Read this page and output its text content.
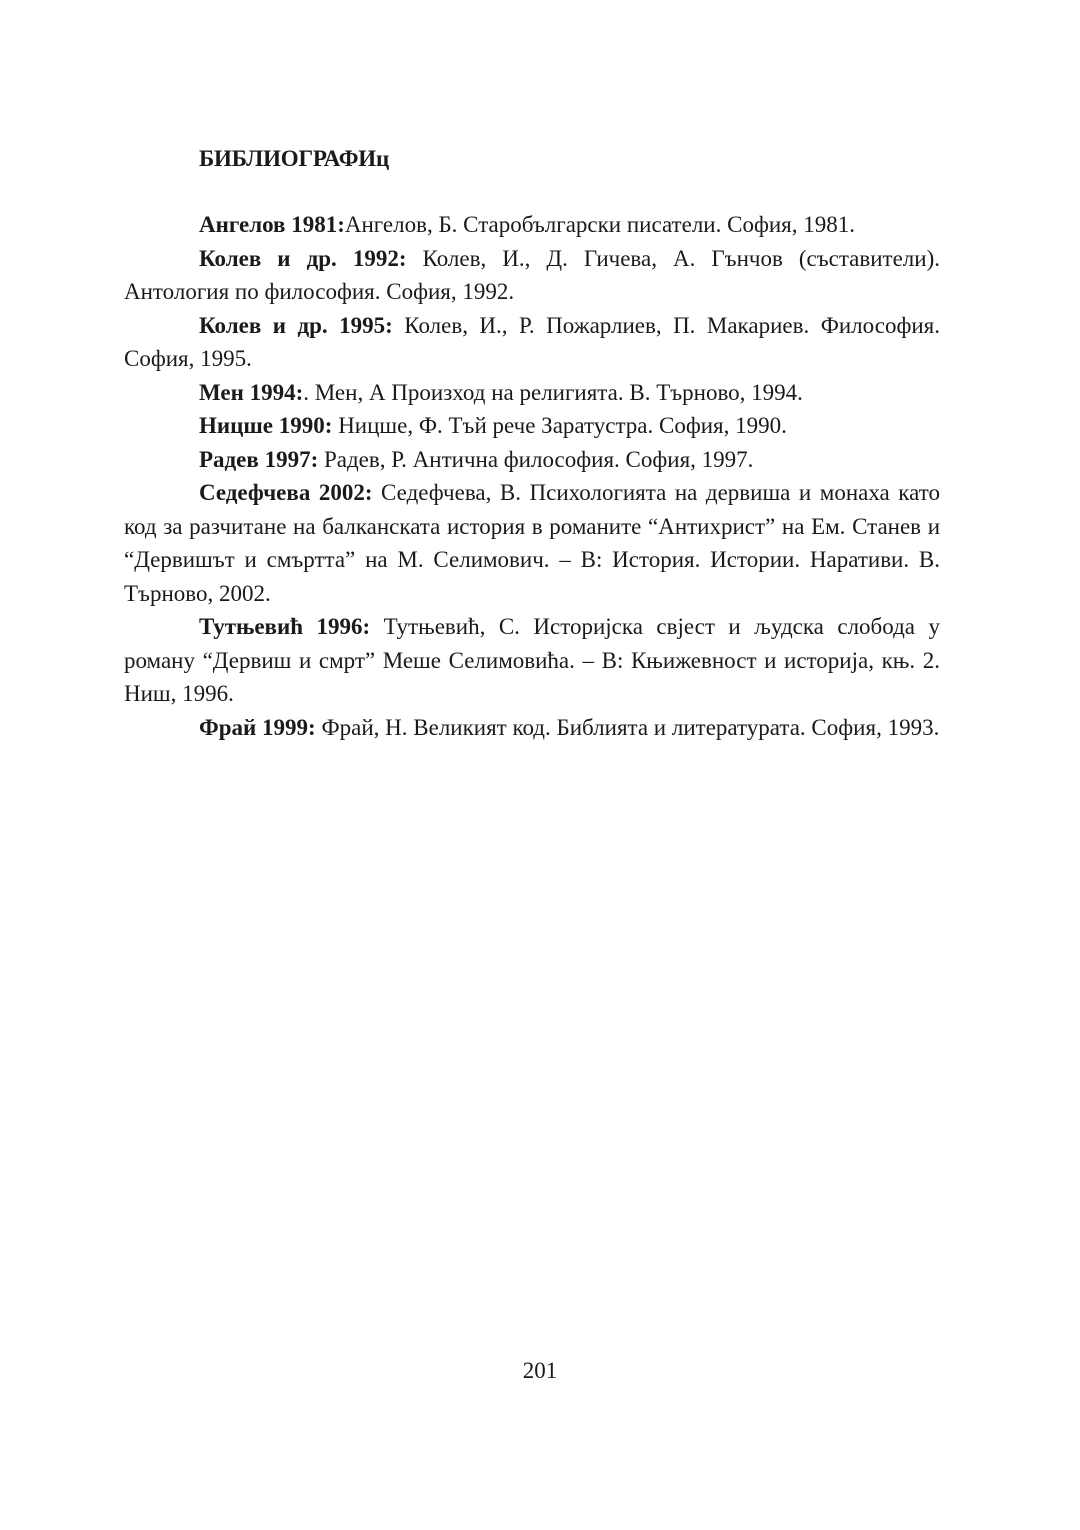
БИБЛИОГРАФИц
Ангелов 1981:Ангелов, Б. Старобългарски писатели. София, 1981.
Колев и др. 1992: Колев, И., Д. Гичева, А. Гънчов (съставители). Антология по философия. София, 1992.
Колев и др. 1995: Колев, И., Р. Пожарлиев, П. Макариев. Философия. София, 1995.
Мен 1994:. Мен, А Произход на религията. В. Търново, 1994.
Ницше 1990: Ницше, Ф. Тъй рече Заратустра. София, 1990.
Радев 1997: Радев, Р. Антична философия. София, 1997.
Седефчева 2002: Седефчева, В. Психологията на дервиша и монаха като код за разчитане на балканската история в романите “Антихрист” на Ем. Станев и “Дервишът и смъртта” на М. Селимович. – В: История. Истории. Наративи. В. Търново, 2002.
Тутњевић 1996: Тутњевић, С. Историјска свјест и људска слобода у роману “Дервиш и смрт” Меше Селимовића. – В: Књижевност и историја, књ. 2. Ниш, 1996.
Фрай 1999: Фрай, Н. Великият код. Библията и литературата. София, 1993.
201
